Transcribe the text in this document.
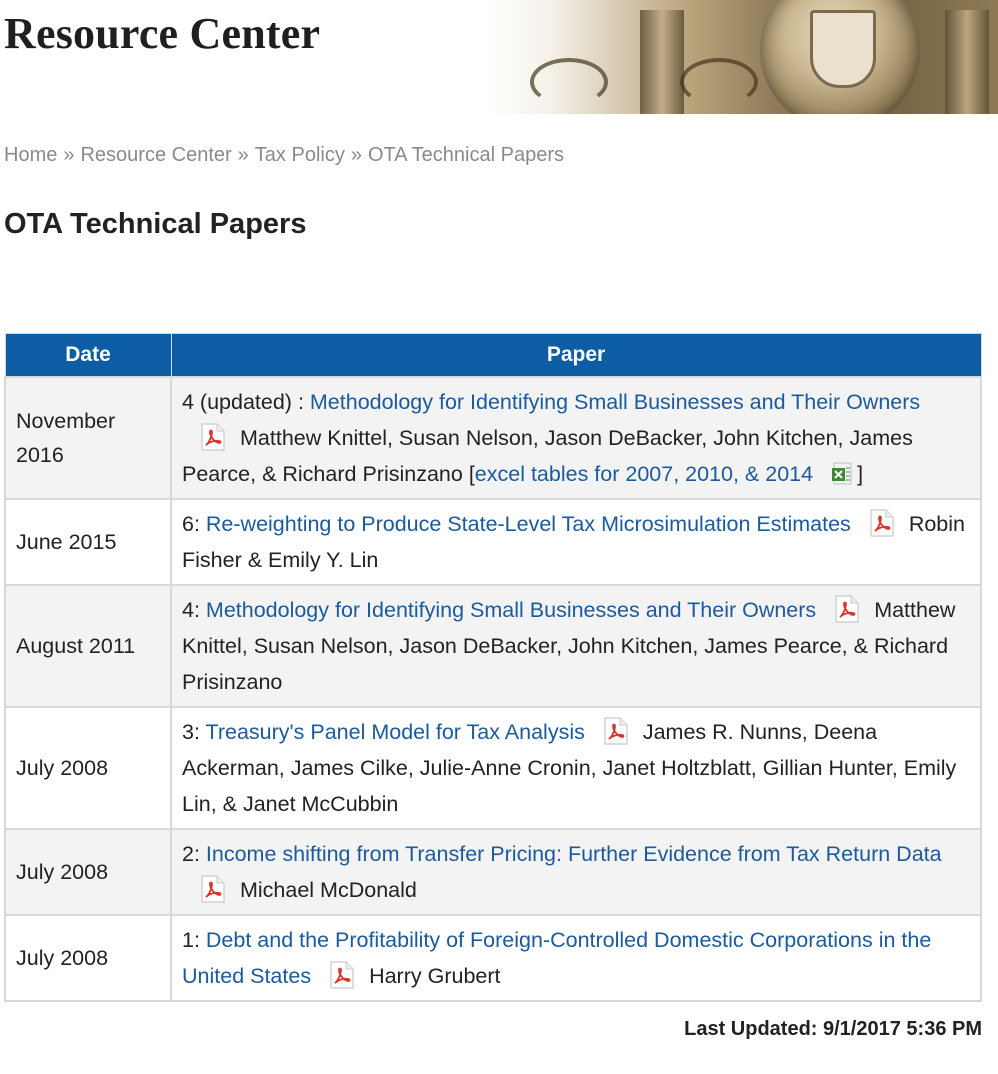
Resource Center
Home » Resource Center » Tax Policy » OTA Technical Papers
OTA Technical Papers
Date	Paper
November 2016	4 (updated) : Methodology for Identifying Small Businesses and Their OwnersMatthew Knittel, Susan Nelson, Jason DeBacker, John Kitchen, James Pearce, & Richard Prisinzano [excel tables for 2007, 2010, & 2014 ]
June 2015	6: Re-weighting to Produce State-Level Tax Microsimulation Estimates Robin Fisher & Emily Y. Lin
August 2011	4: Methodology for Identifying Small Businesses and Their Owners Matthew Knittel, Susan Nelson, Jason DeBacker, John Kitchen, James Pearce, & Richard Prisinzano
July 2008	3: Treasury's Panel Model for Tax Analysis James R. Nunns, Deena Ackerman, James Cilke, Julie-Anne Cronin, Janet Holtzblatt, Gillian Hunter, Emily Lin, & Janet McCubbin
July 2008	2: Income shifting from Transfer Pricing: Further Evidence from Tax Return DataMichael McDonald
July 2008	1: Debt and the Profitability of Foreign-Controlled Domestic Corporations in the United States Harry Grubert
Last Updated: 9/1/2017 5:36 PM
